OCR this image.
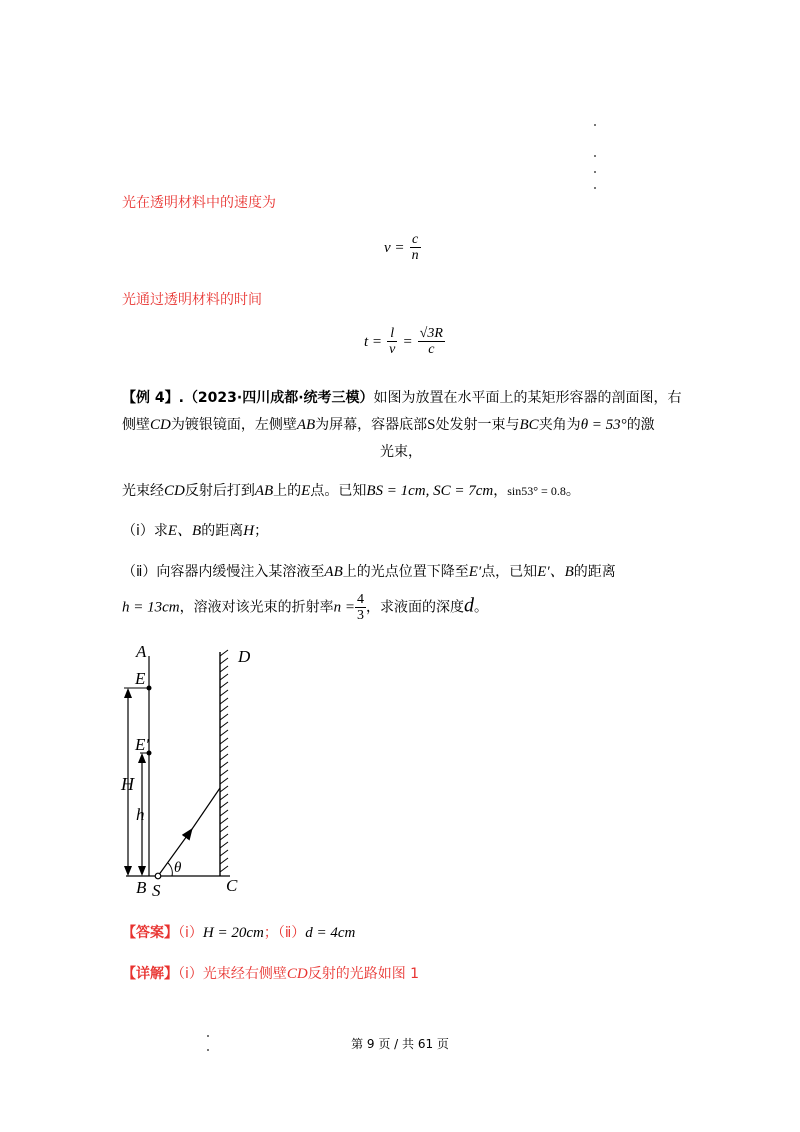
光在透明材料中的速度为
$v = \frac{c}{n}$
光通过透明材料的时间
$t = \frac{l}{v} = \frac{√3R}{c}$
【例 4】.（2023·四川成都·统考三模）如图为放置在水平面上的某矩形容器的剖面图，右
侧壁CD为镀银镜面，左侧壁AB为屏幕，容器底部S处发射一束与BC夹角为θ = 53°的激
光束，
光束经CD反射后打到AB上的E点。已知BS = 1cm, SC = 7cm，sin53° = 0.8。
（ⅰ）求E、B的距离H；
（ⅱ）向容器内缓慢注入某溶液至AB上的光点位置下降至E′点，已知E′、B的距离
h = 13cm，溶液对该光束的折射率$n = \frac{4}{3}$ ，求液面的深度d。
A	D
E
E′
H
h
B S	C
θ
【答案】（ⅰ）H = 20cm；（ⅱ）d = 4cm
【详解】（ⅰ）光束经右侧壁CD反射的光路如图 1
第 9 页 / 共 61 页
